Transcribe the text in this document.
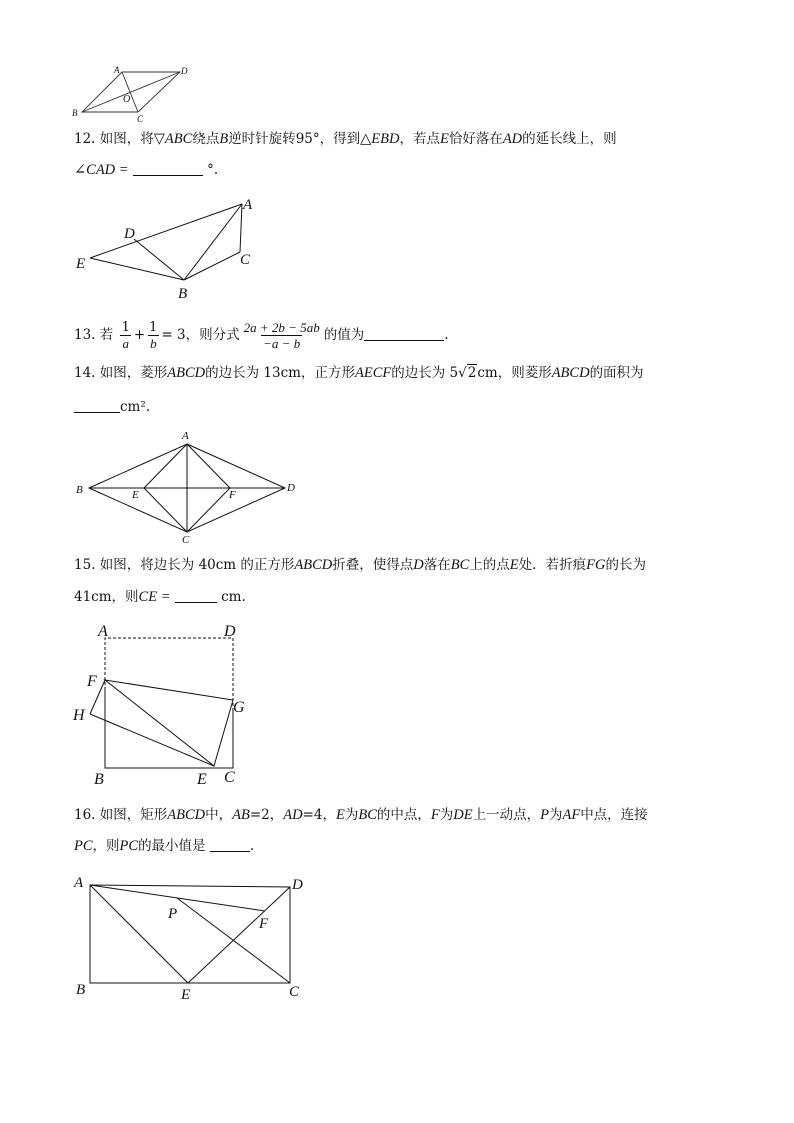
A	D
B
O
C
12. 如图，将▽ABC绕点B逆时针旋转95°，得到△EBD，若点E恰好落在AD的延长线上，则
∠CAD =	°.
D
A
E	C
B
13. 若 $\frac{1}{a} + \frac{1}{b} = 3$，则分式 $\frac{2a + 2b - 5ab}{-a - b}$ 的值为	.
14. 如图，菱形ABCD的边长为 13cm，正方形AECF的边长为 5√2cm，则菱形ABCD的面积为
cm².
A
B	E	F
D
C
15. 如图，将边长为 40cm 的正方形ABCD折叠，使得点D落在BC上的点E处．若折痕FG的长为
41cm，则CE =	cm.
A	D
F
G
H
B	E C
16. 如图，矩形ABCD中，AB=2，AD=4，E为BC的中点，F为DE上一动点，P为AF中点，连接
PC，则PC的最小值是	.
A	D
P
F
B	E	C
